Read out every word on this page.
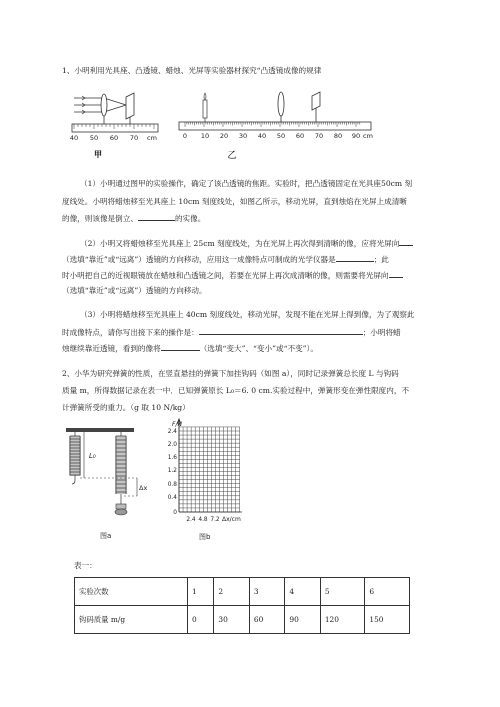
1、小明利用光具座、凸透镜、蜡烛、光屏等实验器材探究“凸透镜成像的规律
40 50 60 70 cm
甲
0 10 20 30 40 50 60 70 80 90 cm
乙
（1）小明通过图甲的实验操作，确定了该凸透镜的焦距。实验时，把凸透镜固定在光具座50cm 刻
度线处。小明将蜡烛移至光具座上 10cm 刻度线处，如图乙所示，移动光屏，直到烛焰在光屏上成清晰
的像，则该像是倒立、	的实像。
（2）小明又将蜡烛移至光具座上 25cm 刻度线处，为在光屏上再次得到清晰的像，应将光屏向
（选填“靠近”或“远离”）透镜的方向移动，应用这一成像特点可制成的光学仪器是	；此
时小明把自己的近视眼镜放在蜡烛和凸透镜之间，若要在光屏上再次成清晰的像，则需要将光屏向
（选填“靠近”或“远离”）透镜的方向移动。
（3）小明将蜡烛移至光具座上 40cm 刻度线处，移动光屏，发现不能在光屏上得到像，为了观察此
时成像特点，请你写出接下来的操作是：	；小明将蜡
烛继续靠近透镜，看到的像将	（选填“变大”、“变小”或“不变”）。
2、小华为研究弹簧的性质，在竖直悬挂的弹簧下加挂钩码（如图 a），同时记录弹簧总长度 L 与钩码
质量 m，所得数据记录在表一中．已知弹簧原长 L₀＝6. 0 cm.实验过程中，弹簧形变在弹性限度内，不
计弹簧所受的重力。（g 取 10 N/kg）
L₀
Δx
图a
F/N
2.4
2.0
1.6
1.2
0.8
0.4
0
2.4 4.8 7.2 Δx/cm
图b
表一：
实验次数	1	2	3	4	5	6
钩码质量 m/g	0	30	60	90	120	150
